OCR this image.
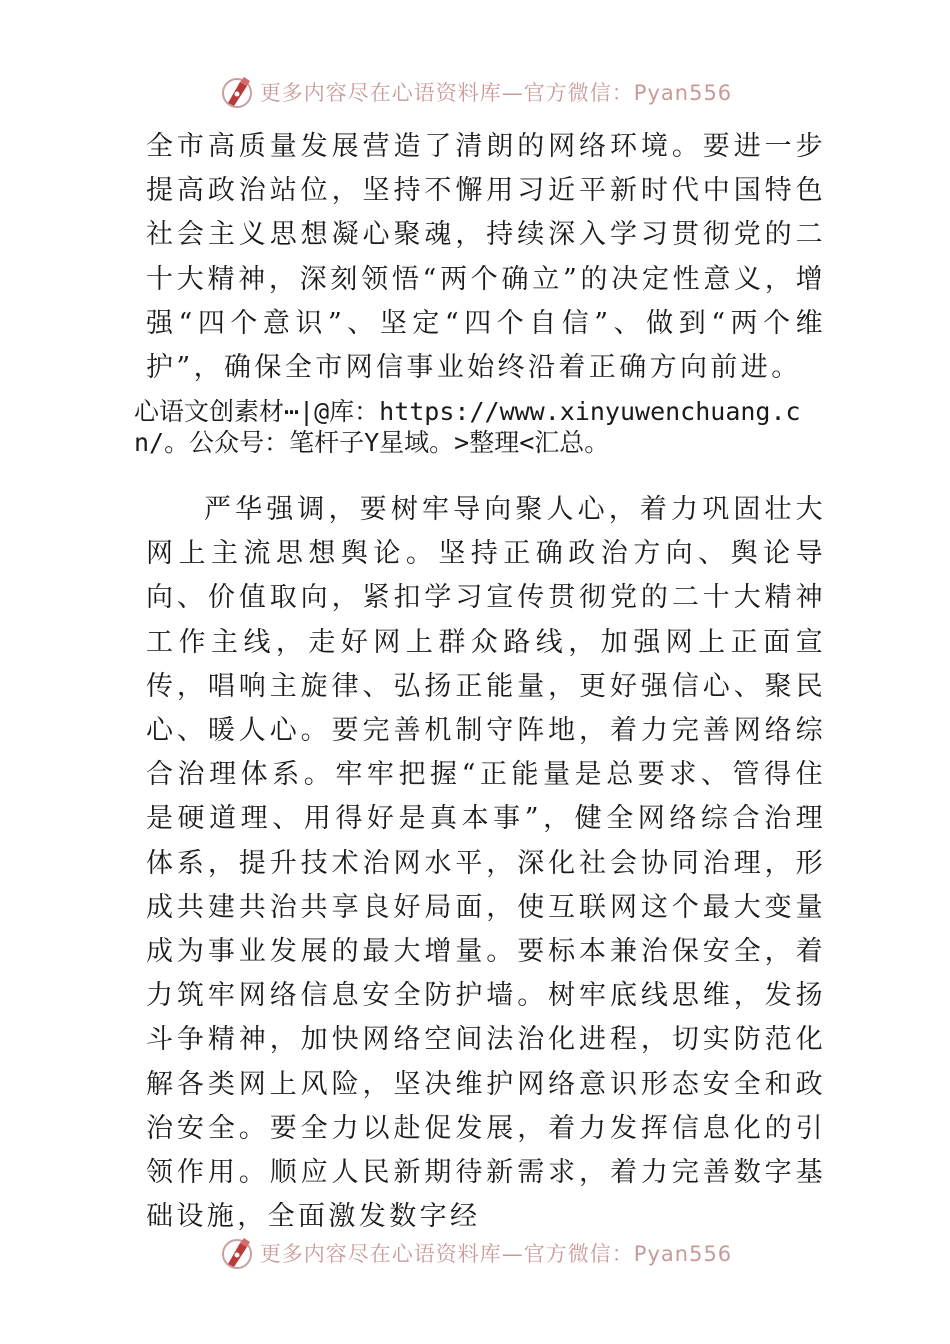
更多内容尽在心语资料库—官方微信：Pyan556

全市高质量发展营造了清朗的网络环境。要进一步提高政治站位，坚持不懈用习近平新时代中国特色社会主义思想凝心聚魂，持续深入学习贯彻党的二十大精神，深刻领悟“两个确立”的决定性意义，增强“四个意识”、坚定“四个自信”、做到“两个维护”，确保全市网信事业始终沿着正确方向前进。

心语文创素材⋯|@库：https://www.xinyuwenchuang.cn/。公众号：笔杆子Y星域。>整理<汇总。

严华强调，要树牢导向聚人心，着力巩固壮大网上主流思想舆论。坚持正确政治方向、舆论导向、价值取向，紧扣学习宣传贯彻党的二十大精神工作主线，走好网上群众路线，加强网上正面宣传，唱响主旋律、弘扬正能量，更好强信心、聚民心、暖人心。要完善机制守阵地，着力完善网络综合治理体系。牢牢把握“正能量是总要求、管得住是硬道理、用得好是真本事”，健全网络综合治理体系，提升技术治网水平，深化社会协同治理，形成共建共治共享良好局面，使互联网这个最大变量成为事业发展的最大增量。要标本兼治保安全，着力筑牢网络信息安全防护墙。树牢底线思维，发扬斗争精神，加快网络空间法治化进程，切实防范化解各类网上风险，坚决维护网络意识形态安全和政治安全。要全力以赴促发展，着力发挥信息化的引领作用。顺应人民新期待新需求，着力完善数字基础设施，全面激发数字经

更多内容尽在心语资料库—官方微信：Pyan556
